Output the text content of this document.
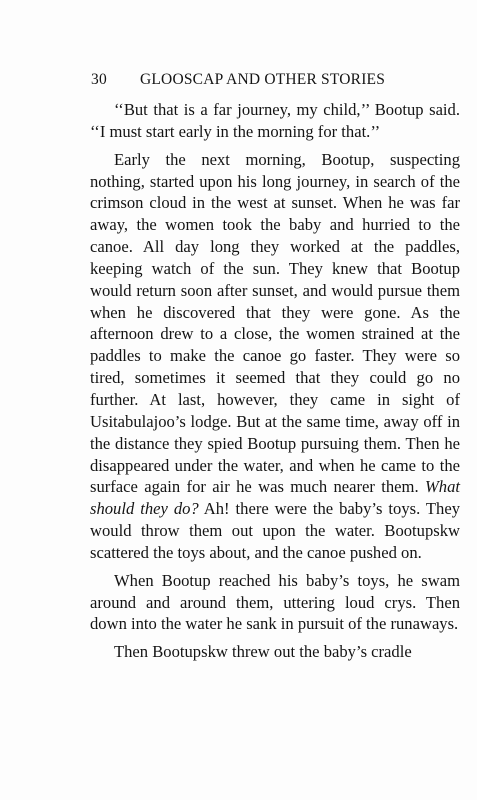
30 GLOOSCAP AND OTHER STORIES

‘‘But that is a far journey, my child,’’ Bootup said. ‘‘I must start early in the morning for that.’’

Early the next morning, Bootup, suspecting nothing, started upon his long journey, in search of the crimson cloud in the west at sunset. When he was far away, the women took the baby and hurried to the canoe. All day long they worked at the paddles, keeping watch of the sun. They knew that Bootup would return soon after sunset, and would pursue them when he discovered that they were gone. As the afternoon drew to a close, the women strained at the paddles to make the canoe go faster. They were so tired, sometimes it seemed that they could go no further. At last, however, they came in sight of Usitabulajoo’s lodge. But at the same time, away off in the distance they spied Bootup pursuing them. Then he disappeared under the water, and when he came to the surface again for air he was much nearer them. What should they do? Ah! there were the baby’s toys. They would throw them out upon the water. Bootupskw scattered the toys about, and the canoe pushed on.

When Bootup reached his baby’s toys, he swam around and around them, uttering loud crys. Then down into the water he sank in pursuit of the runaways.

Then Bootupskw threw out the baby’s cradle
